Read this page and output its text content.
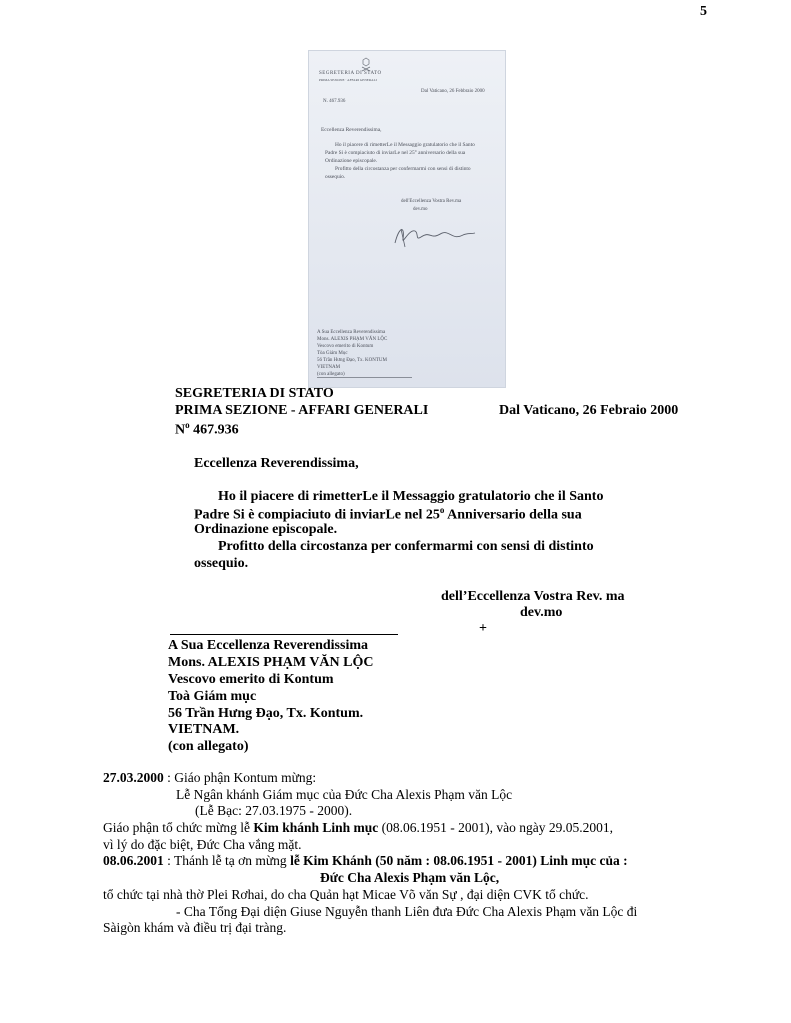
5
SEGRETERIA DI STATO
PRIMA SEZIONE · AFFARI GENERALI
Dal Vaticano, 26 Febbraio 2000
N. 467.936
Eccellenza Reverendissima,
Ho il piacere di rimetterLe il Messaggio gratulatorio che il Santo
Padre Si è compiaciuto di inviarLe nel 25° anniversario della sua
Ordinazione episcopale.
Profitto della circostanza per confermarmi con sensi di distinto
ossequio.
dell'Eccellenza Vostra Rev.ma
dev.mo
A Sua Eccellenza Reverendissima
Mons. ALEXIS PHẠM VĂN LỘC
Vescovo emerito di Kontum
Tòa Giám Mục
56 Trần Hưng Đạo, Tx. KONTUM
VIETNAM
(con allegato)
SEGRETERIA DI STATO
PRIMA SEZIONE - AFFARI GENERALI	Dal Vaticano, 26 Febraio 2000
$N^o$ 467.936
Eccellenza Reverendissima,
Ho il piacere di rimetterLe il Messaggio gratulatorio che il Santo
Padre Si è compiaciuto di inviarLe nel 25$^o$ Anniversario della sua
Ordinazione episcopale.
Profitto della circostanza per confermarmi con sensi di distinto
ossequio.
dell’Eccellenza Vostra Rev. ma
dev.mo
+
A Sua Eccellenza Reverendissima
Mons. ALEXIS PHẠM VĂN LỘC
Vescovo emerito di Kontum
Toà Giám mục
56 Trần Hưng Đạo, Tx. Kontum.
VIETNAM.
(con allegato)
27.03.2000 : Giáo phận Kontum mừng:
Lễ Ngân khánh Giám mục của Đức Cha Alexis Phạm văn Lộc
(Lễ Bạc: 27.03.1975 - 2000).
Giáo phận tổ chức mừng lễ Kim khánh Linh mục (08.06.1951 - 2001), vào ngày 29.05.2001,
vì lý do đặc biệt, Đức Cha vắng mặt.
08.06.2001 : Thánh lễ tạ ơn mừng lễ Kim Khánh (50 năm : 08.06.1951 - 2001) Linh mục của :
Đức Cha Alexis Phạm văn Lộc,
tổ chức tại nhà thờ Plei Rơhai, do cha Quản hạt Micae Võ văn Sự , đại diện CVK tổ chức.
- Cha Tổng Đại diện Giuse Nguyễn thanh Liên đưa Đức Cha Alexis Phạm văn Lộc đi
Sàigòn khám và điều trị đại tràng.
